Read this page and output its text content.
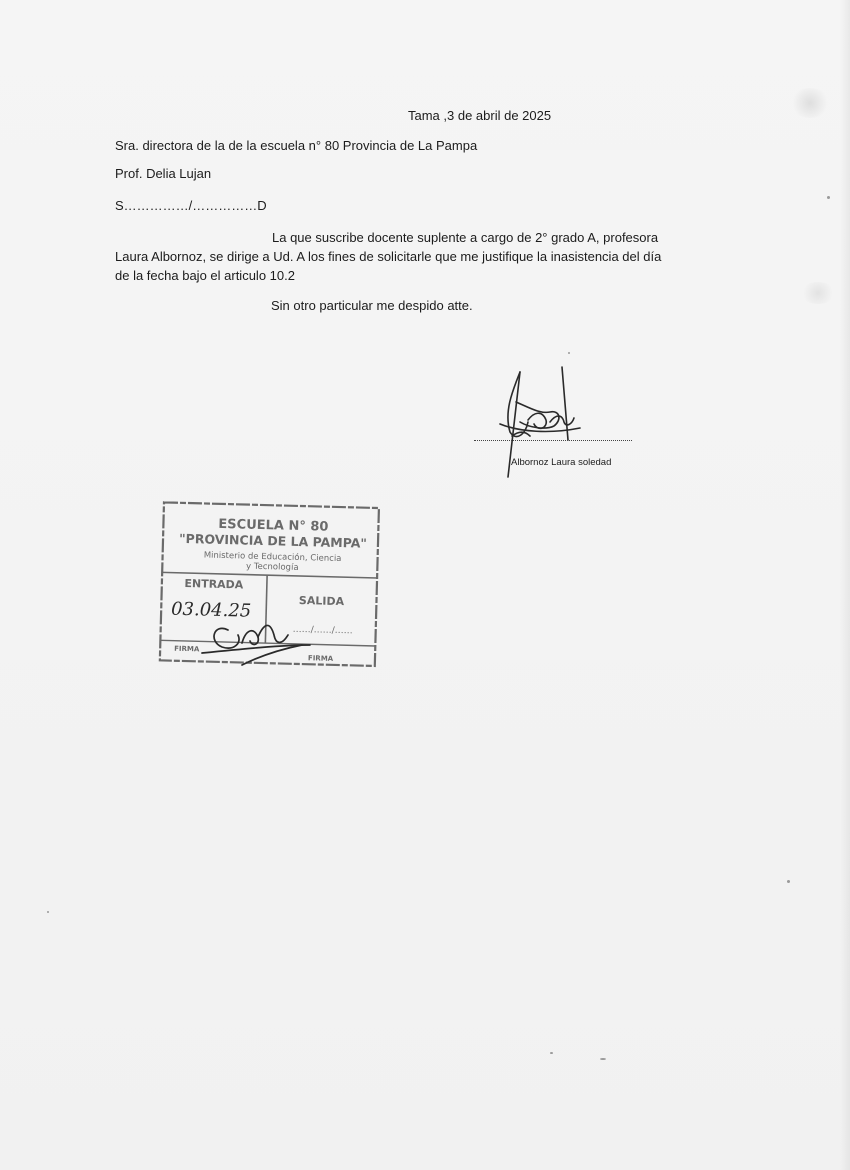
Tama ,3 de abril de 2025
Sra. directora de la de la escuela n° 80 Provincia de La Pampa
Prof. Delia Lujan
S……………/……………D
La que suscribe docente suplente a cargo de 2° grado A, profesora
Laura Albornoz, se dirige a Ud. A los fines de solicitarle que me justifique la inasistencia del día
de la fecha bajo el articulo 10.2
Sin otro particular me despido atte.
Albornoz Laura soledad
ESCUELA N° 80
"PROVINCIA DE LA PAMPA"
Ministerio de Educación, Ciencia
y Tecnología
ENTRADA
SALIDA
03.04.25
……/……/……
FIRMA
FIRMA
